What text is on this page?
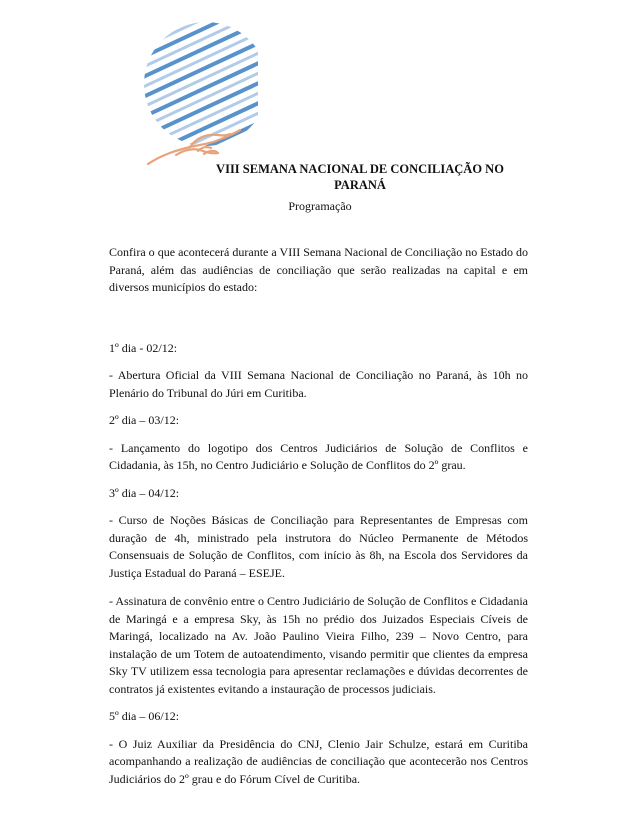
VIII SEMANA NACIONAL DE CONCILIAÇÃO NO PARANÁ
Programação

Confira o que acontecerá durante a VIII Semana Nacional de Conciliação no Estado do Paraná, além das audiências de conciliação que serão realizadas na capital e em diversos municípios do estado:

1º dia - 02/12:

- Abertura Oficial da VIII Semana Nacional de Conciliação no Paraná, às 10h no Plenário do Tribunal do Júri em Curitiba.

2º dia – 03/12:

- Lançamento do logotipo dos Centros Judiciários de Solução de Conflitos e Cidadania, às 15h, no Centro Judiciário e Solução de Conflitos do 2º grau.

3º dia – 04/12:

- Curso de Noções Básicas de Conciliação para Representantes de Empresas com duração de 4h, ministrado pela instrutora do Núcleo Permanente de Métodos Consensuais de Solução de Conflitos, com início às 8h, na Escola dos Servidores da Justiça Estadual do Paraná – ESEJE.

- Assinatura de convênio entre o Centro Judiciário de Solução de Conflitos e Cidadania de Maringá e a empresa Sky, às 15h no prédio dos Juizados Especiais Cíveis de Maringá, localizado na Av. João Paulino Vieira Filho, 239 – Novo Centro, para instalação de um Totem de autoatendimento, visando permitir que clientes da empresa Sky TV utilizem essa tecnologia para apresentar reclamações e dúvidas decorrentes de contratos já existentes evitando a instauração de processos judiciais.

5º dia – 06/12:

- O Juiz Auxiliar da Presidência do CNJ, Clenio Jair Schulze, estará em Curitiba acompanhando a realização de audiências de conciliação que acontecerão nos Centros Judiciários do 2º grau e do Fórum Cível de Curitiba.
